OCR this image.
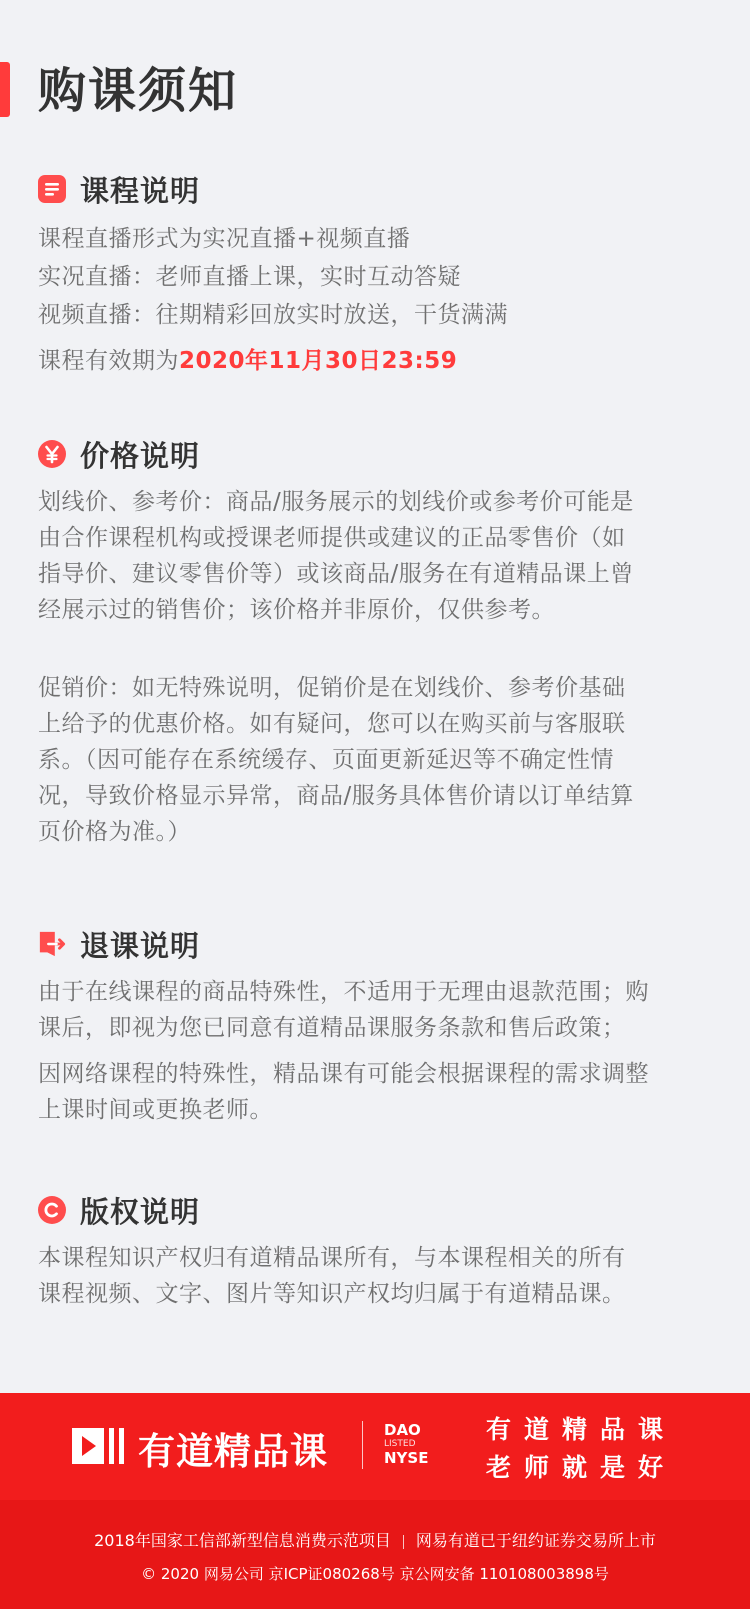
购课须知
课程说明
课程直播形式为实况直播+视频直播
实况直播：老师直播上课，实时互动答疑
视频直播：往期精彩回放实时放送，干货满满
课程有效期为2020年11月30日23:59
价格说明
划线价、参考价：商品/服务展示的划线价或参考价可能是
由合作课程机构或授课老师提供或建议的正品零售价（如
指导价、建议零售价等）或该商品/服务在有道精品课上曾
经展示过的销售价；该价格并非原价，仅供参考。
促销价：如无特殊说明，促销价是在划线价、参考价基础
上给予的优惠价格。如有疑问，您可以在购买前与客服联
系。（因可能存在系统缓存、页面更新延迟等不确定性情
况，导致价格显示异常，商品/服务具体售价请以订单结算
页价格为准。）
退课说明
由于在线课程的商品特殊性，不适用于无理由退款范围；购
课后，即视为您已同意有道精品课服务条款和售后政策；
因网络课程的特殊性，精品课有可能会根据课程的需求调整
上课时间或更换老师。
版权说明
本课程知识产权归有道精品课所有，与本课程相关的所有
课程视频、文字、图片等知识产权均归属于有道精品课。
有道精品课	DAO
LISTED
NYSE
有道精品课
老师就是好
2018年国家工信部新型信息消费示范项目 网易有道已于纽约证券交易所上市
© 2020 网易公司 京ICP证080268号 京公网安备 110108003898号
